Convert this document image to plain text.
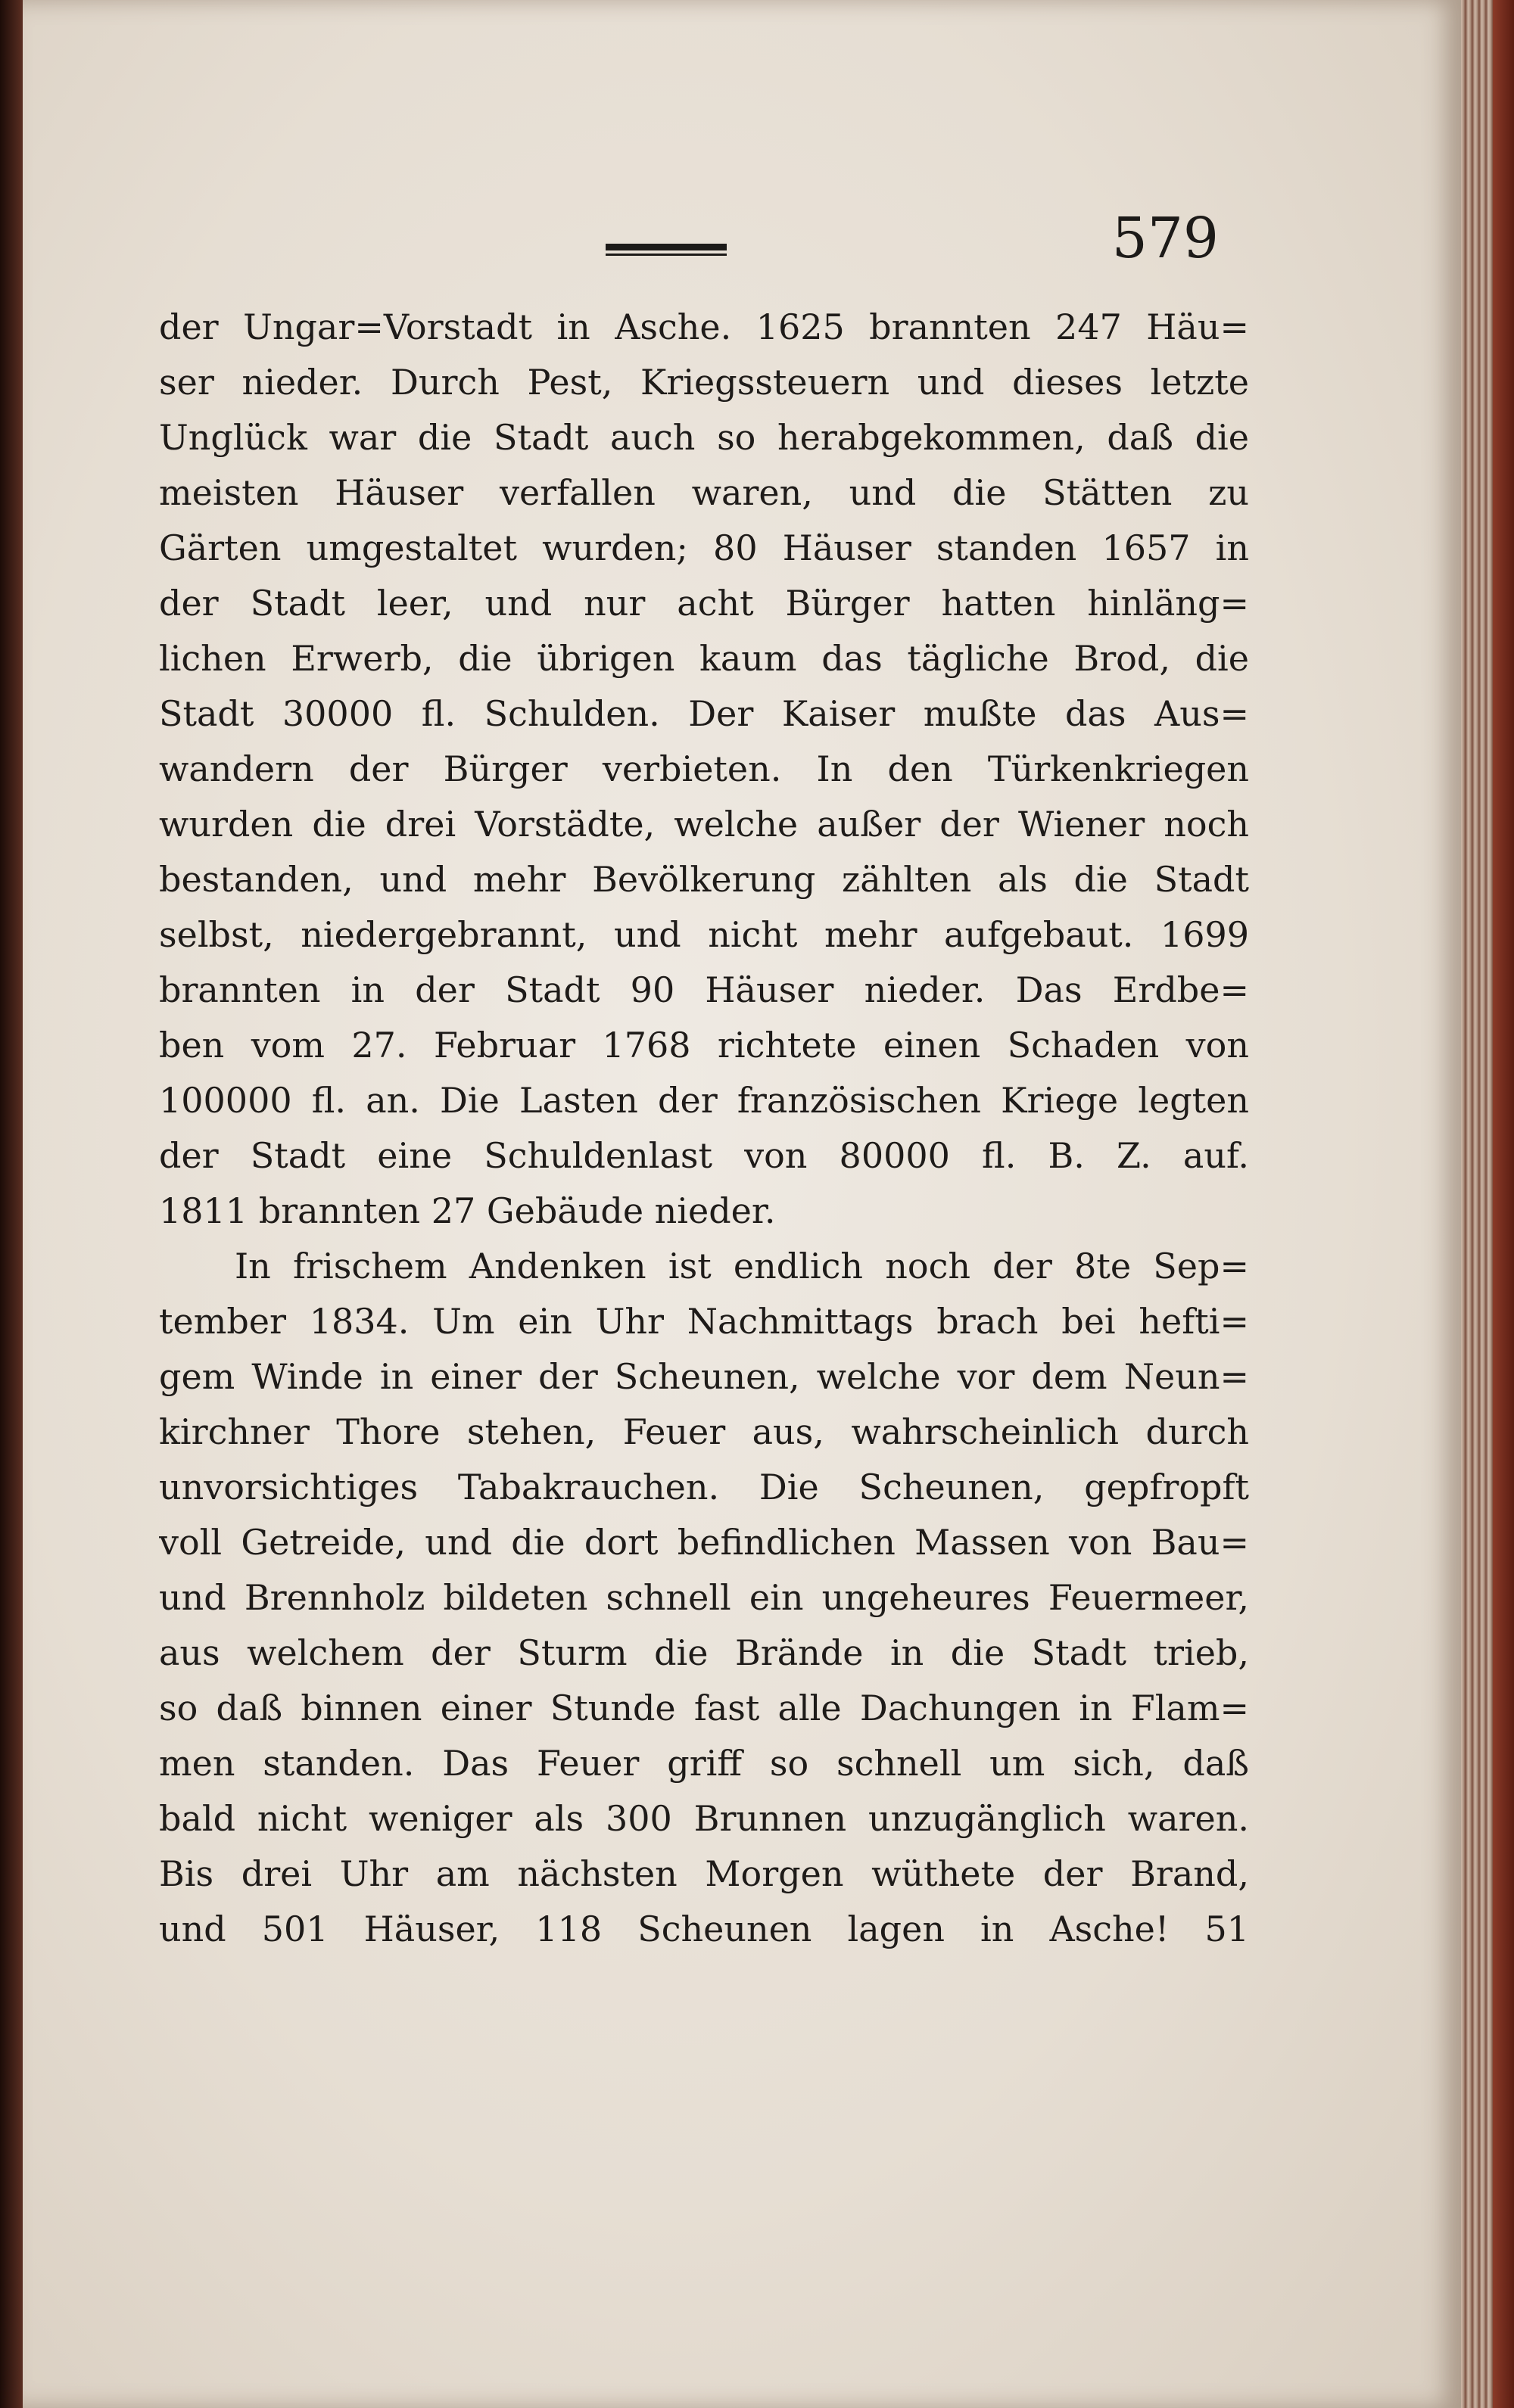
579
der Ungar=Vorstadt in Asche. 1625 brannten 247 Häu=
ser nieder. Durch Pest, Kriegssteuern und dieses letzte
Unglück war die Stadt auch so herabgekommen, daß die
meisten Häuser verfallen waren, und die Stätten zu
Gärten umgestaltet wurden; 80 Häuser standen 1657 in
der Stadt leer, und nur acht Bürger hatten hinläng=
lichen Erwerb, die übrigen kaum das tägliche Brod, die
Stadt 30000 fl. Schulden. Der Kaiser mußte das Aus=
wandern der Bürger verbieten. In den Türkenkriegen
wurden die drei Vorstädte, welche außer der Wiener noch
bestanden, und mehr Bevölkerung zählten als die Stadt
selbst, niedergebrannt, und nicht mehr aufgebaut. 1699
brannten in der Stadt 90 Häuser nieder. Das Erdbe=
ben vom 27. Februar 1768 richtete einen Schaden von
100000 fl. an. Die Lasten der französischen Kriege legten
der Stadt eine Schuldenlast von 80000 fl. B. Z. auf.
1811 brannten 27 Gebäude nieder.
In frischem Andenken ist endlich noch der 8te Sep=
tember 1834. Um ein Uhr Nachmittags brach bei hefti=
gem Winde in einer der Scheunen, welche vor dem Neun=
kirchner Thore stehen, Feuer aus, wahrscheinlich durch
unvorsichtiges Tabakrauchen. Die Scheunen, gepfropft
voll Getreide, und die dort befindlichen Massen von Bau=
und Brennholz bildeten schnell ein ungeheures Feuermeer,
aus welchem der Sturm die Brände in die Stadt trieb,
so daß binnen einer Stunde fast alle Dachungen in Flam=
men standen. Das Feuer griff so schnell um sich, daß
bald nicht weniger als 300 Brunnen unzugänglich waren.
Bis drei Uhr am nächsten Morgen wüthete der Brand,
und 501 Häuser, 118 Scheunen lagen in Asche! 51
